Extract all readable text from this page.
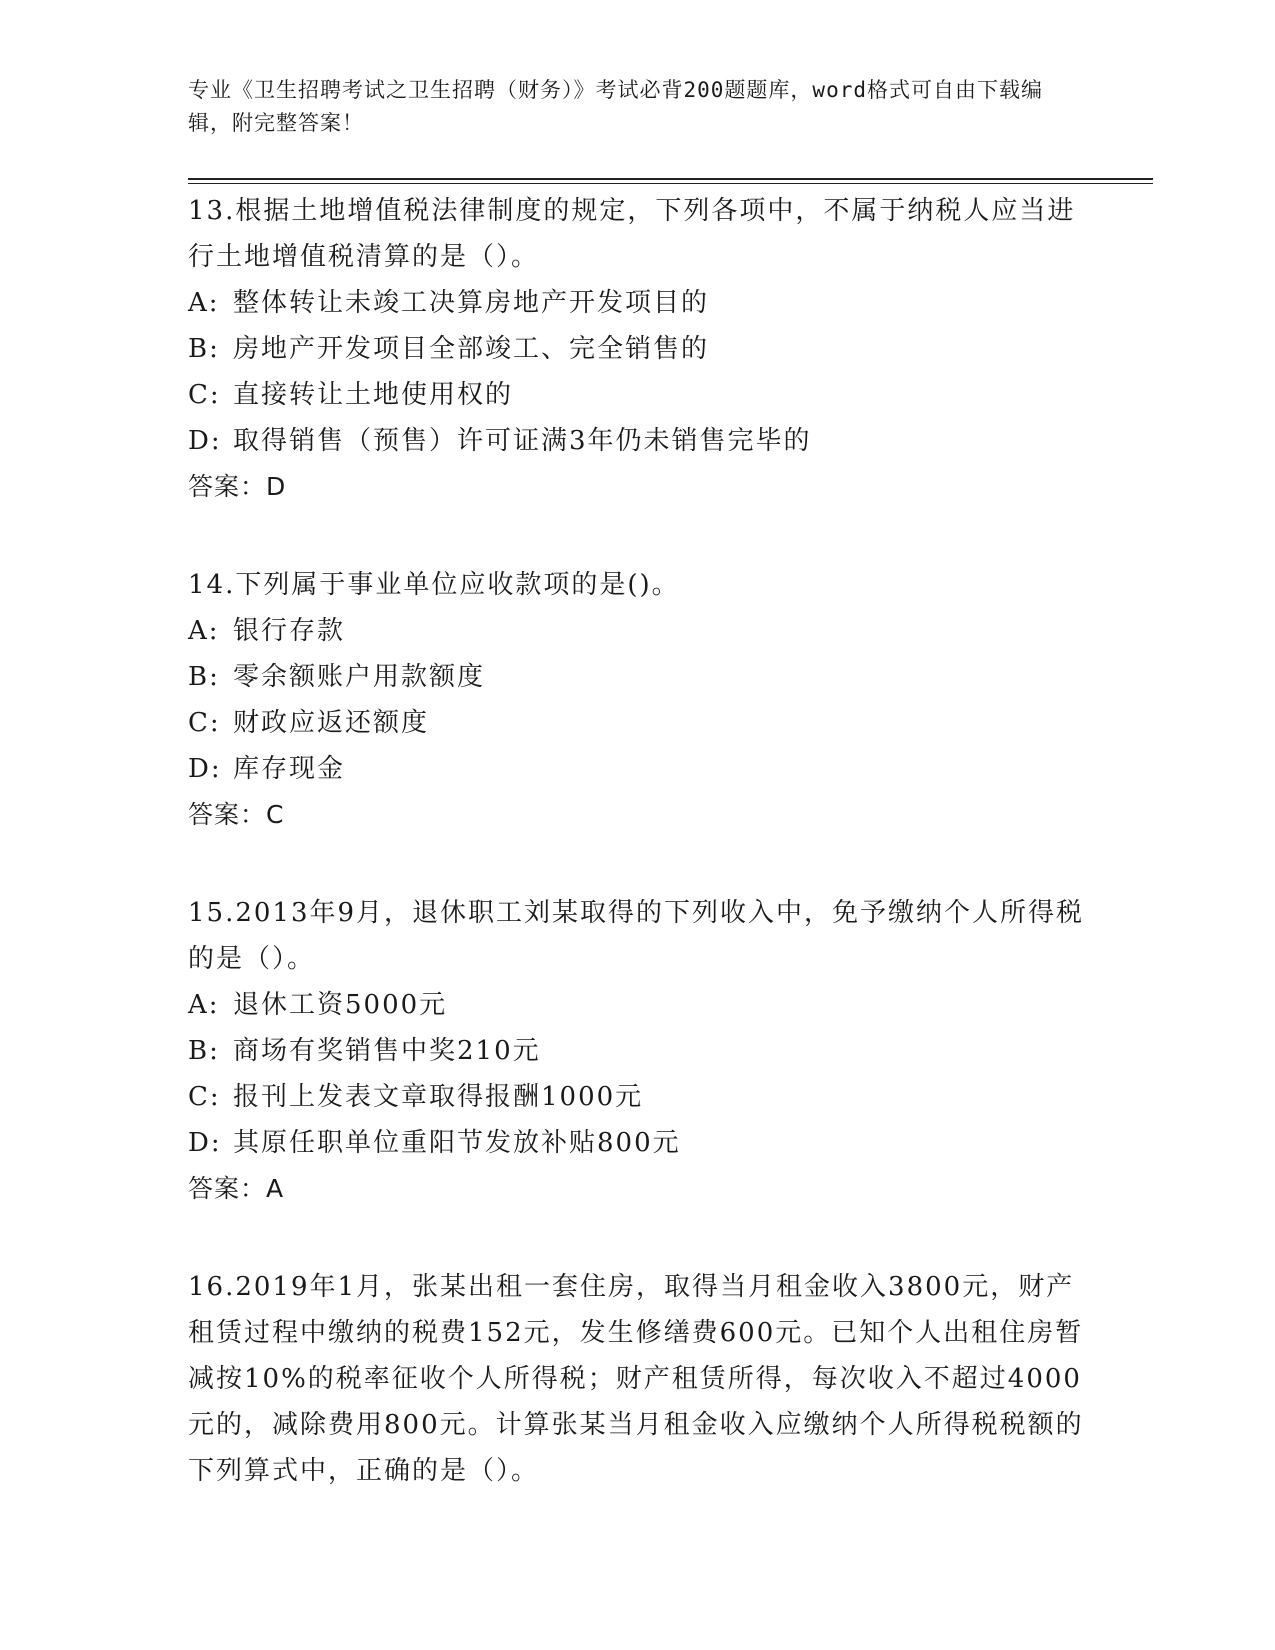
专业《卫生招聘考试之卫生招聘（财务）》考试必背200题题库，word格式可自由下载编辑，附完整答案！

13.根据土地增值税法律制度的规定，下列各项中，不属于纳税人应当进行土地增值税清算的是（）。

A: 整体转让未竣工决算房地产开发项目的
B: 房地产开发项目全部竣工、完全销售的
C: 直接转让土地使用权的
D: 取得销售（预售）许可证满3年仍未销售完毕的
答案：D

14.下列属于事业单位应收款项的是()。

A: 银行存款
B: 零余额账户用款额度
C: 财政应返还额度
D: 库存现金
答案：C

15.2013年9月，退休职工刘某取得的下列收入中，免予缴纳个人所得税的是（）。

A: 退休工资5000元
B: 商场有奖销售中奖210元
C: 报刊上发表文章取得报酬1000元
D: 其原任职单位重阳节发放补贴800元
答案：A

16.2019年1月，张某出租一套住房，取得当月租金收入3800元，财产租赁过程中缴纳的税费152元，发生修缮费600元。已知个人出租住房暂减按10%的税率征收个人所得税；财产租赁所得，每次收入不超过4000元的，减除费用800元。计算张某当月租金收入应缴纳个人所得税税额的下列算式中，正确的是（）。
